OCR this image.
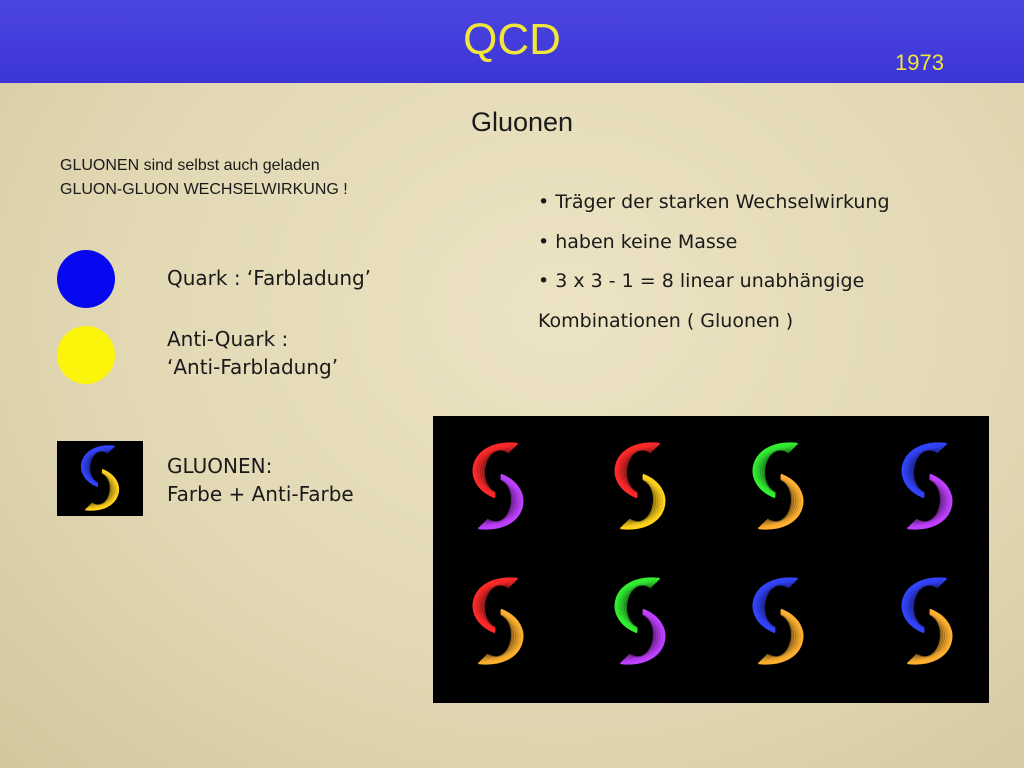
QCD	1973
Gluonen
GLUONEN sind selbst auch geladen
GLUON-GLUON WECHSELWIRKUNG !
• Träger der starken Wechselwirkung
• haben keine Masse
• 3 x 3 - 1 = 8 linear unabhängige
Kombinationen ( Gluonen )
Quark : ‘Farbladung’
Anti-Quark :
‘Anti-Farbladung’
GLUONEN:
Farbe + Anti-Farbe
